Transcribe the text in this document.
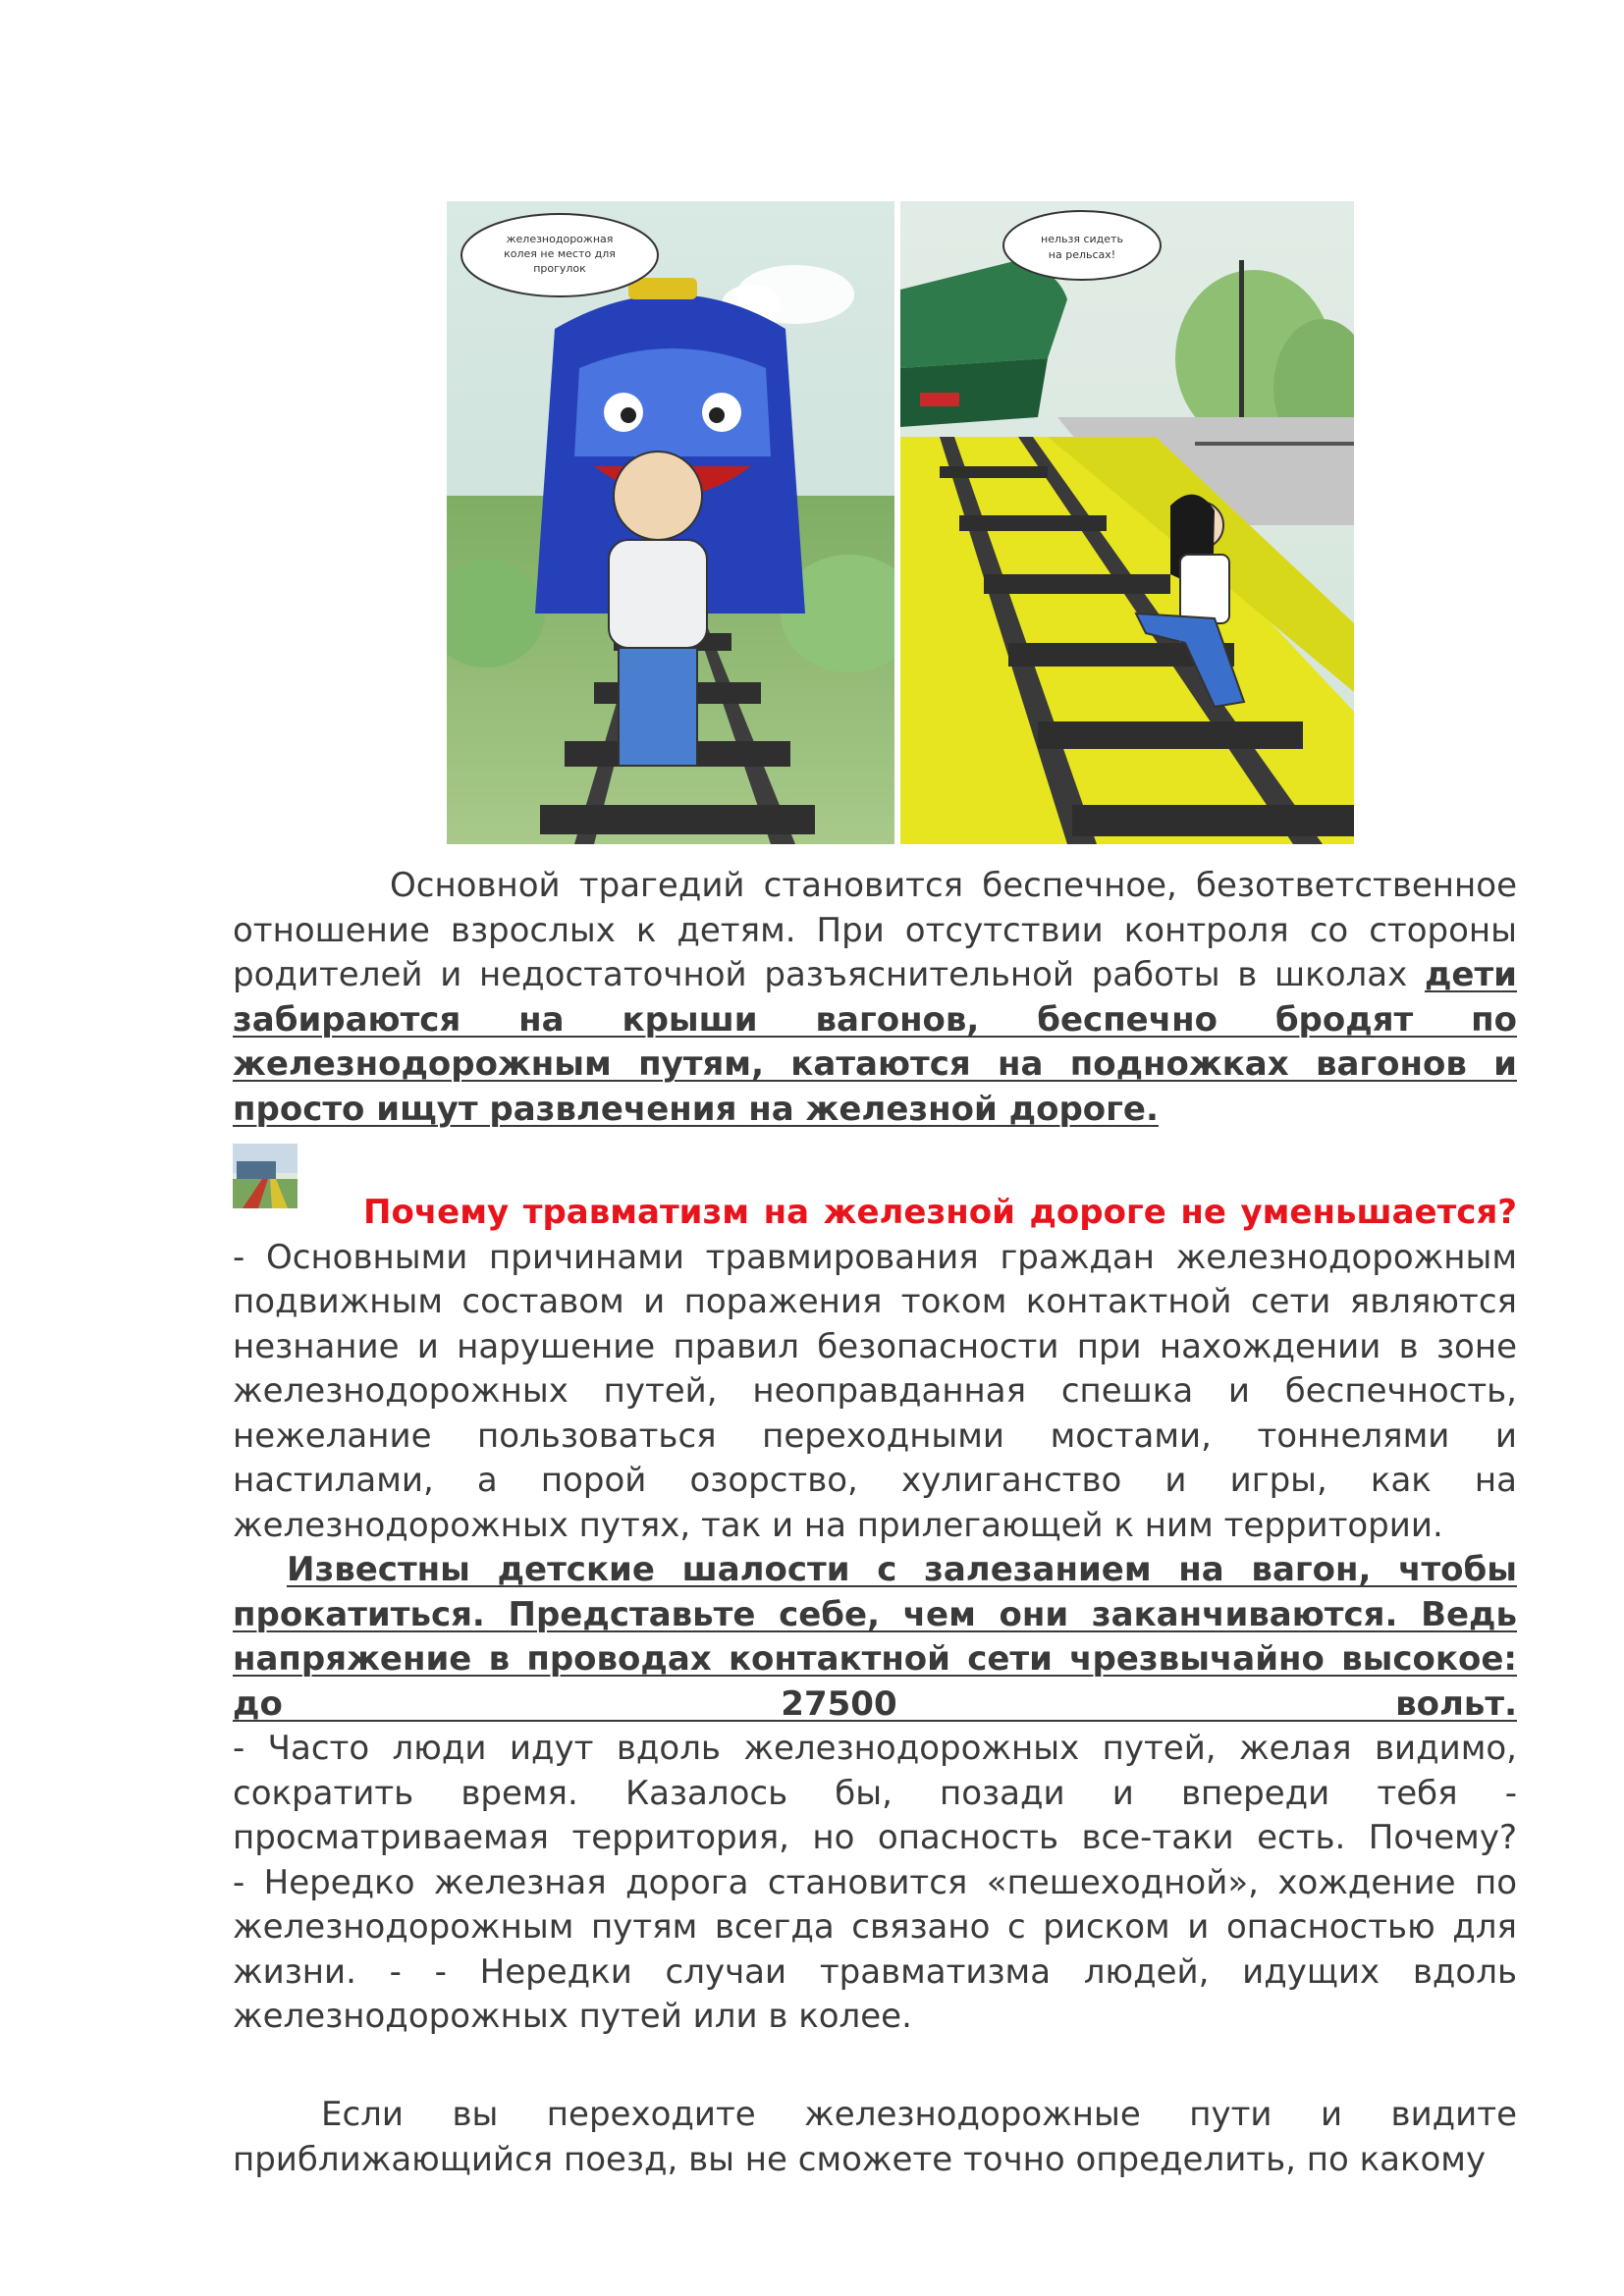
железнодорожная
колея не место для
прогулок
нельзя сидеть
на рельсах!
Основной трагедий становится беспечное, безответственное отношение взрослых к детям. При отсутствии контроля со стороны родителей и недостаточной разъяснительной работы в школах дети забираются на крыши вагонов, беспечно бродят по железнодорожным путям, катаются на подножках вагонов и просто ищут развлечения на железной дороге.
Почему травматизм на железной дороге не уменьшается? - Основными причинами травмирования граждан железнодорожным подвижным составом и поражения током контактной сети являются незнание и нарушение правил безопасности при нахождении в зоне железнодорожных путей, неоправданная спешка и беспечность, нежелание пользоваться переходными мостами, тоннелями и настилами, а порой озорство, хулиганство и игры, как на железнодорожных путях, так и на прилегающей к ним территории.
Известны детские шалости с залезанием на вагон, чтобы прокатиться. Представьте себе, чем они заканчиваются. Ведь напряжение в проводах контактной сети чрезвычайно высокое: до 27500 вольт.
- Часто люди идут вдоль железнодорожных путей, желая видимо, сократить время. Казалось бы, позади и впереди тебя - просматриваемая территория, но опасность все-таки есть. Почему?
- Нередко железная дорога становится «пешеходной», хождение по железнодорожным путям всегда связано с риском и опасностью для жизни. - - Нередки случаи травматизма людей, идущих вдоль железнодорожных путей или в колее.
Если вы переходите железнодорожные пути и видите приближающийся поезд, вы не сможете точно определить, по какому
